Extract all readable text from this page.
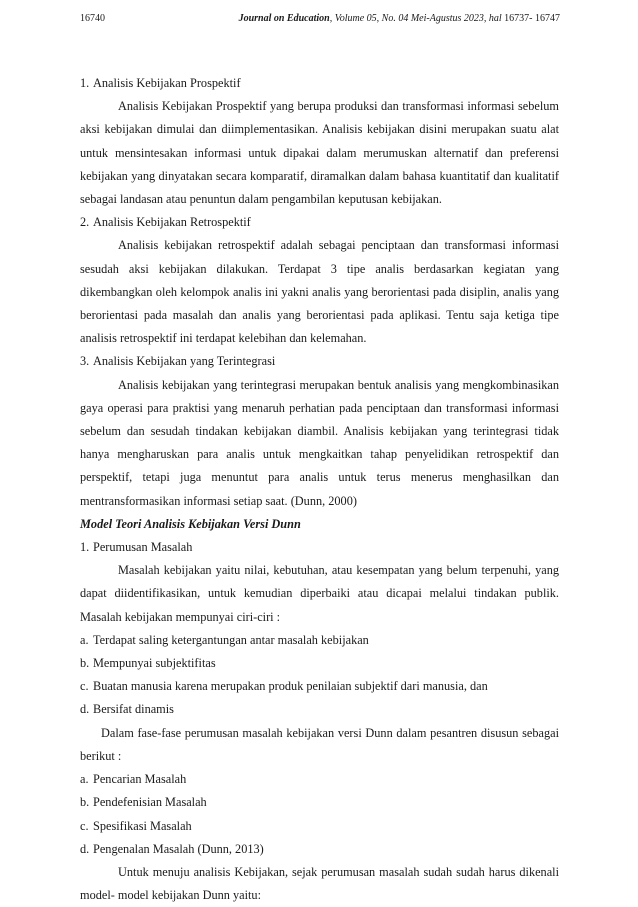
16740	Journal on Education, Volume 05, No. 04 Mei-Agustus 2023, hal 16737- 16747
1. Analisis Kebijakan Prospektif

Analisis Kebijakan Prospektif yang berupa produksi dan transformasi informasi sebelum aksi kebijakan dimulai dan diimplementasikan. Analisis kebijakan disini merupakan suatu alat untuk mensintesakan informasi untuk dipakai dalam merumuskan alternatif dan preferensi kebijakan yang dinyatakan secara komparatif, diramalkan dalam bahasa kuantitatif dan kualitatif sebagai landasan atau penuntun dalam pengambilan keputusan kebijakan.

2. Analisis Kebijakan Retrospektif

Analisis kebijakan retrospektif adalah sebagai penciptaan dan transformasi informasi sesudah aksi kebijakan dilakukan. Terdapat 3 tipe analis berdasarkan kegiatan yang dikembangkan oleh kelompok analis ini yakni analis yang berorientasi pada disiplin, analis yang berorientasi pada masalah dan analis yang berorientasi pada aplikasi. Tentu saja ketiga tipe analisis retrospektif ini terdapat kelebihan dan kelemahan.

3. Analisis Kebijakan yang Terintegrasi

Analisis kebijakan yang terintegrasi merupakan bentuk analisis yang mengkombinasikan gaya operasi para praktisi yang menaruh perhatian pada penciptaan dan transformasi informasi sebelum dan sesudah tindakan kebijakan diambil. Analisis kebijakan yang terintegrasi tidak hanya mengharuskan para analis untuk mengkaitkan tahap penyelidikan retrospektif dan perspektif, tetapi juga menuntut para analis untuk terus menerus menghasilkan dan mentransformasikan informasi setiap saat. (Dunn, 2000)

Model Teori Analisis Kebijakan Versi Dunn

1. Perumusan Masalah

Masalah kebijakan yaitu nilai, kebutuhan, atau kesempatan yang belum terpenuhi, yang dapat diidentifikasikan, untuk kemudian diperbaiki atau dicapai melalui tindakan publik. Masalah kebijakan mempunyai ciri-ciri :

a. Terdapat saling ketergantungan antar masalah kebijakan
b. Mempunyai subjektifitas
c. Buatan manusia karena merupakan produk penilaian subjektif dari manusia, dan
d. Bersifat dinamis

Dalam fase-fase perumusan masalah kebijakan versi Dunn dalam pesantren disusun sebagai berikut :

a. Pencarian Masalah
b. Pendefenisian Masalah
c. Spesifikasi Masalah
d. Pengenalan Masalah (Dunn, 2013)

Untuk menuju analisis Kebijakan, sejak perumusan masalah sudah sudah harus dikenali model- model kebijakan Dunn yaitu:
